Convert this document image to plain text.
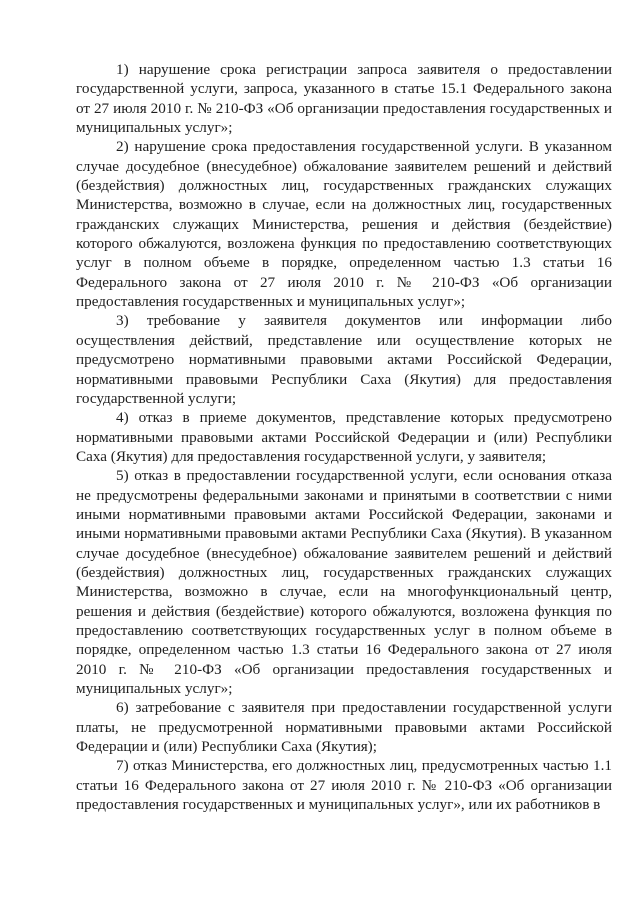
1) нарушение срока регистрации запроса заявителя о предоставлении государственной услуги, запроса, указанного в статье 15.1 Федерального закона от 27 июля 2010 г. № 210-ФЗ «Об организации предоставления государственных и муниципальных услуг»;

2) нарушение срока предоставления государственной услуги. В указанном случае досудебное (внесудебное) обжалование заявителем решений и действий (бездействия) должностных лиц, государственных гражданских служащих Министерства, возможно в случае, если на должностных лиц, государственных гражданских служащих Министерства, решения и действия (бездействие) которого обжалуются, возложена функция по предоставлению соответствующих услуг в полном объеме в порядке, определенном частью 1.3 статьи 16 Федерального закона от 27 июля 2010 г. № 210-ФЗ «Об организации предоставления государственных и муниципальных услуг»;

3) требование у заявителя документов или информации либо осуществления действий, представление или осуществление которых не предусмотрено нормативными правовыми актами Российской Федерации, нормативными правовыми Республики Саха (Якутия) для предоставления государственной услуги;

4) отказ в приеме документов, представление которых предусмотрено нормативными правовыми актами Российской Федерации и (или) Республики Саха (Якутия) для предоставления государственной услуги, у заявителя;

5) отказ в предоставлении государственной услуги, если основания отказа не предусмотрены федеральными законами и принятыми в соответствии с ними иными нормативными правовыми актами Российской Федерации, законами и иными нормативными правовыми актами Республики Саха (Якутия). В указанном случае досудебное (внесудебное) обжалование заявителем решений и действий (бездействия) должностных лиц, государственных гражданских служащих Министерства, возможно в случае, если на многофункциональный центр, решения и действия (бездействие) которого обжалуются, возложена функция по предоставлению соответствующих государственных услуг в полном объеме в порядке, определенном частью 1.3 статьи 16 Федерального закона от 27 июля 2010 г. № 210-ФЗ «Об организации предоставления государственных и муниципальных услуг»;

6) затребование с заявителя при предоставлении государственной услуги платы, не предусмотренной нормативными правовыми актами Российской Федерации и (или) Республики Саха (Якутия);

7) отказ Министерства, его должностных лиц, предусмотренных частью 1.1 статьи 16 Федерального закона от 27 июля 2010 г. № 210-ФЗ «Об организации предоставления государственных и муниципальных услуг», или их работников в
